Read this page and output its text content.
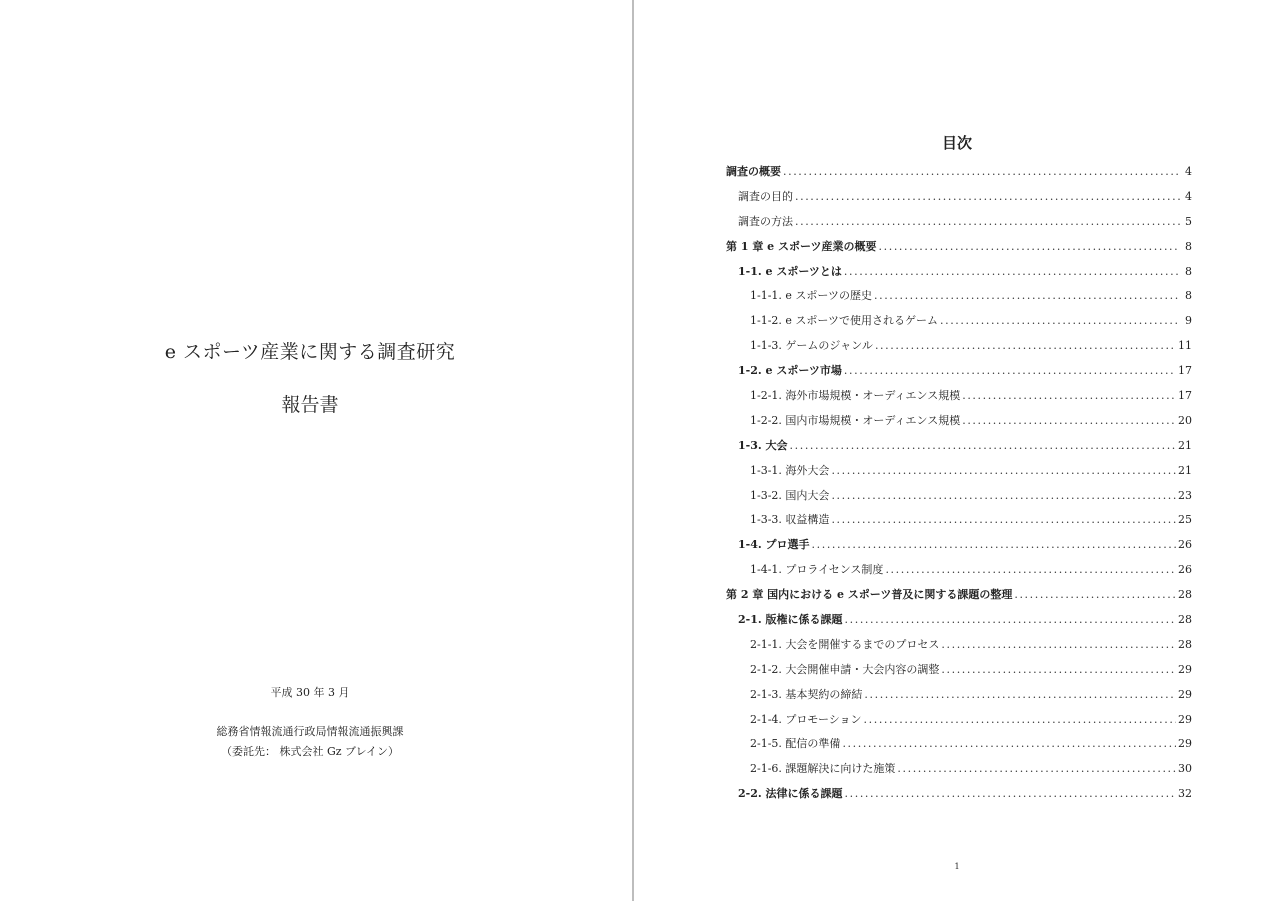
e スポーツ産業に関する調査研究
報告書
平成 30 年 3 月
総務省情報流通行政局情報流通振興課
（委託先： 株式会社 Gz ブレイン）
目次
調査の概要 .....	4
調査の目的 .....	4
調査の方法 .....	5
第 1 章 e スポーツ産業の概要 .....	8
1-1. e スポーツとは .....	8
1-1-1. e スポーツの歴史 .....	8
1-1-2. e スポーツで使用されるゲーム .....	9
1-1-3. ゲームのジャンル .....	11
1-2. e スポーツ市場 .....	17
1-2-1. 海外市場規模・オーディエンス規模 .....	17
1-2-2. 国内市場規模・オーディエンス規模 .....	20
1-3. 大会 .....	21
1-3-1. 海外大会 .....	21
1-3-2. 国内大会 .....	23
1-3-3. 収益構造 .....	25
1-4. プロ選手 .....	26
1-4-1. プロライセンス制度 .....	26
第 2 章 国内における e スポーツ普及に関する課題の整理 .....	28
2-1. 版権に係る課題 .....	28
2-1-1. 大会を開催するまでのプロセス .....	28
2-1-2. 大会開催申請・大会内容の調整 .....	29
2-1-3. 基本契約の締結 .....	29
2-1-4. プロモーション .....	29
2-1-5. 配信の準備 .....	29
2-1-6. 課題解決に向けた施策 .....	30
2-2. 法律に係る課題 .....	32
1
